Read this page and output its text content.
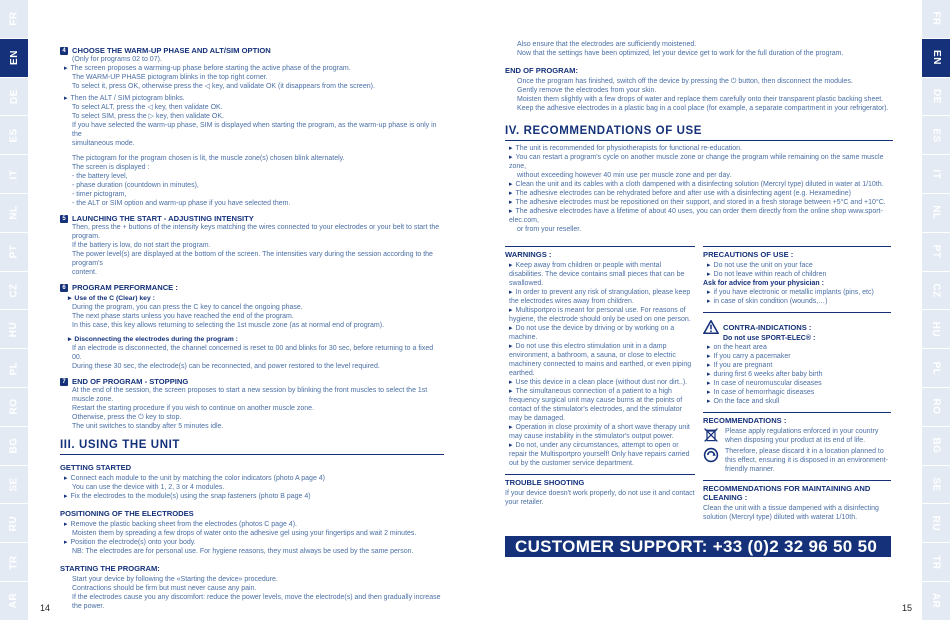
FR
EN
DE
ES
IT
NL
PT
CZ
HU
PL
RO
BG
SE
RU
TR
AR
FR
EN
DE
ES
IT
NL
PT
CZ
HU
PL
RO
BG
SE
RU
TR
AR
4 CHOOSE THE WARM-UP PHASE AND ALT/SIM OPTION

(Only for programs 02 to 07).

▸ The screen proposes a warming-up phase before starting the active phase of the program.

The WARM-UP PHASE pictogram blinks in the top right corner.

To select it, press OK, otherwise press the ◁ key, and validate OK (it disappears from the screen).

▸ Then the ALT / SIM pictogram blinks.

To select ALT, press the ◁ key, then validate OK.

To select SIM, press the ▷ key, then validate OK.

If you have selected the warm-up phase, SIM is displayed when starting the program, as the warm-up phase is only in the

simultaneous mode.

The pictogram for the program chosen is lit, the muscle zone(s) chosen blink alternately.

The screen is displayed :

- the battery level,

- phase duration (countdown in minutes),

- timer pictogram,

- the ALT or SIM option and warm-up phase if you have selected them.

5 LAUNCHING THE START - ADJUSTING INTENSITY

Then, press the + buttons of the intensity keys matching the wires connected to your electrodes or your belt to start the program.

If the battery is low, do not start the program.

The power level(s) are displayed at the bottom of the screen. The intensities vary during the session according to the program's

content.

6 PROGRAM PERFORMANCE :

▸ Use of the C (Clear) key :

During the program, you can press the C key to cancel the ongoing phase.

The next phase starts unless you have reached the end of the program.

In this case, this key allows returning to selecting the 1st muscle zone (as at normal end of program).

▸ Disconnecting the electrodes during the program :

If an electrode is disconnected, the channel concerned is reset to 00 and blinks for 30 sec, before returning to a fixed 00.

During these 30 sec, the electrode(s) can be reconnected, and power restored to the level required.

7 END OF PROGRAM - STOPPING

At the end of the session, the screen proposes to start a new session by blinking the front muscles to select the 1st muscle zone.

Restart the starting procedure if you wish to continue on another muscle zone.

Otherwise, press the ⏻ key to stop.

The unit switches to standby after 5 minutes idle.

III. USING THE UNIT
GETTING STARTED

▸ Connect each module to the unit by matching the color indicators (photo A page 4)

You can use the device with 1, 2, 3 or 4 modules.

▸ Fix the electrodes to the module(s) using the snap fasteners (photo B page 4)

POSITIONING OF THE ELECTRODES

▸ Remove the plastic backing sheet from the electrodes (photos C page 4).

Moisten them by spreading a few drops of water onto the adhesive gel using your fingertips and wait 2 minutes.

▸ Position the electrode(s) onto your body.

NB: The electrodes are for personal use. For hygiene reasons, they must always be used by the same person.

STARTING THE PROGRAM:

Start your device by following the «Starting the device» procedure.

Contractions should be firm but must never cause any pain.

If the electrodes cause you any discomfort: reduce the power levels, move the electrode(s) and then gradually increase the power.

Also ensure that the electrodes are sufficiently moistened.

Now that the settings have been optimized, let your device get to work for the full duration of the program.

END OF PROGRAM:

Once the program has finished, switch off the device by pressing the ⏻ button, then disconnect the modules.

Gently remove the electrodes from your skin.

Moisten them slightly with a few drops of water and replace them carefully onto their transparent plastic backing sheet.

Keep the adhesive electrodes in a plastic bag in a cool place (for example, a separate compartment in your refrigerator).

IV. RECOMMENDATIONS OF USE

▸ The unit is recommended for physiotherapists for functional re-education.

▸ You can restart a program's cycle on another muscle zone or change the program while remaining on the same muscle zone,

without exceeding however 40 min use per muscle zone and per day.

▸ Clean the unit and its cables with a cloth dampened with a disinfecting solution (Mercryl type) diluted in water at 1/10th.

▸ The adhesive electrodes can be rehydrated before and after use with a disinfecting agent (e.g. Hexamedine)

▸ The adhesive electrodes must be repositioned on their support, and stored in a fresh storage between +5°C and +10°C.

▸ The adhesive electrodes have a lifetime of about 40 uses, you can order them directly from the online shop www.sport-elec.com,

or from your reseller.

WARNINGS :

▸ Keep away from children or people with mental disabilities. The device contains small pieces that can be swallowed.

▸ In order to prevent any risk of strangulation, please keep the electrodes wires away from children.

▸ Multisportpro is meant for personal use. For reasons of hygiene, the electrode should only be used on one person.

▸ Do not use the device by driving or by working on a machine.

▸ Do not use this electro stimulation unit in a damp environment, a bathroom, a sauna, or close to electric machinery connected to mains and earthed, or even piping earthed.

▸ Use this device in a clean place (without dust nor dirt..).

▸ The simultaneous connection of a patient to a high frequency surgical unit may cause burns at the points of contact of the stimulator's electrodes, and the stimulator may be damaged.

▸ Operation in close proximity of a short wave therapy unit may cause instability in the stimulator's output power.

▸ Do not, under any circumstances, attempt to open or repair the Multisportpro yourself! Only have repairs carried out by the customer service department.

TROUBLE SHOOTING

If your device doesn't work properly, do not use it and contact your retailer.

PRECAUTIONS OF USE :

▸ Do not use the unit on your face

▸ Do not leave within reach of children

Ask for advice from your physician :

▸ if you have electronic or metallic implants (pins, etc)

▸ in case of skin condition (wounds,…)

CONTRA-INDICATIONS :

Do not use SPORT-ELEC® :

▸ on the heart area

▸ If you carry a pacemaker

▸ If you are pregnant

▸ during first 6 weeks after baby birth

▸ In case of neuromuscular diseases

▸ In case of hemorrhagic diseases

▸ On the face and skull

RECOMMENDATIONS :

Please apply regulations enforced in your country when disposing your product at its end of life.

Therefore, please discard it in a location planned to this effect, ensuring it is disposed in an environment-friendly manner.

RECOMMENDATIONS FOR MAINTAINING AND CLEANING :

Clean the unit with a tissue dampened with a disinfecting solution (Mercryl type) diluted with waterat 1/10th.

CUSTOMER SUPPORT: +33 (0)2 32 96 50 50
14	15
